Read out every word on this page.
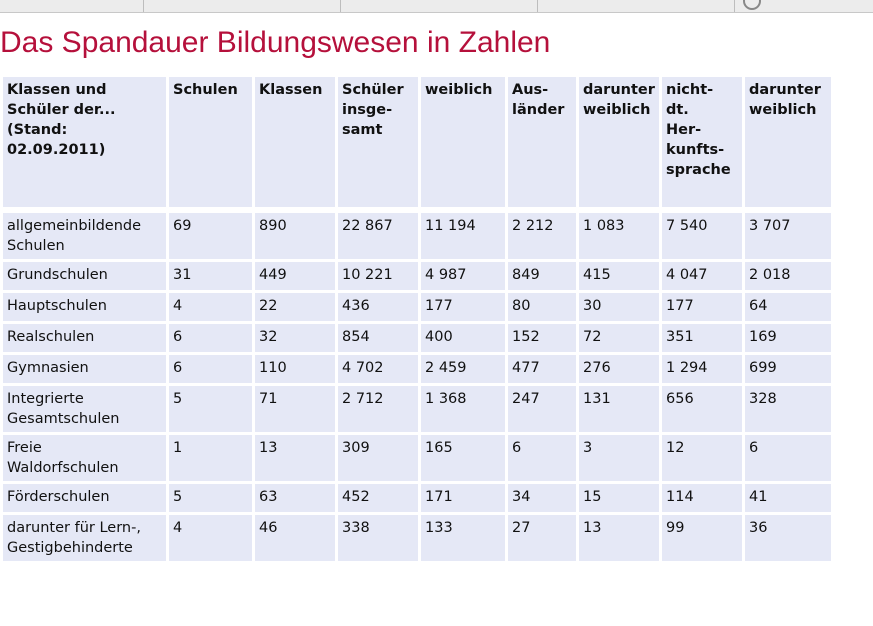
Das Spandauer Bildungswesen in Zahlen
Klassen und
Schüler der...
(Stand:
02.09.2011)	Schulen	Klassen	Schüler
insge-
samt	weiblich	Aus-
länder	darunter
weiblich	nicht-
dt.
Her-
kunfts-
sprache	darunter
weiblich

allgemeinbildende
Schulen	69	890	22 867	11 194	2 212	1 083	7 540	3 707
Grundschulen	31	449	10 221	4 987	849	415	4 047	2 018
Hauptschulen	4	22	436	177	80	30	177	64
Realschulen	6	32	854	400	152	72	351	169
Gymnasien	6	110	4 702	2 459	477	276	1 294	699
Integrierte
Gesamtschulen	5	71	2 712	1 368	247	131	656	328
Freie
Waldorfschulen	1	13	309	165	6	3	12	6
Förderschulen	5	63	452	171	34	15	114	41
darunter für Lern-,
Gestigbehinderte	4	46	338	133	27	13	99	36
